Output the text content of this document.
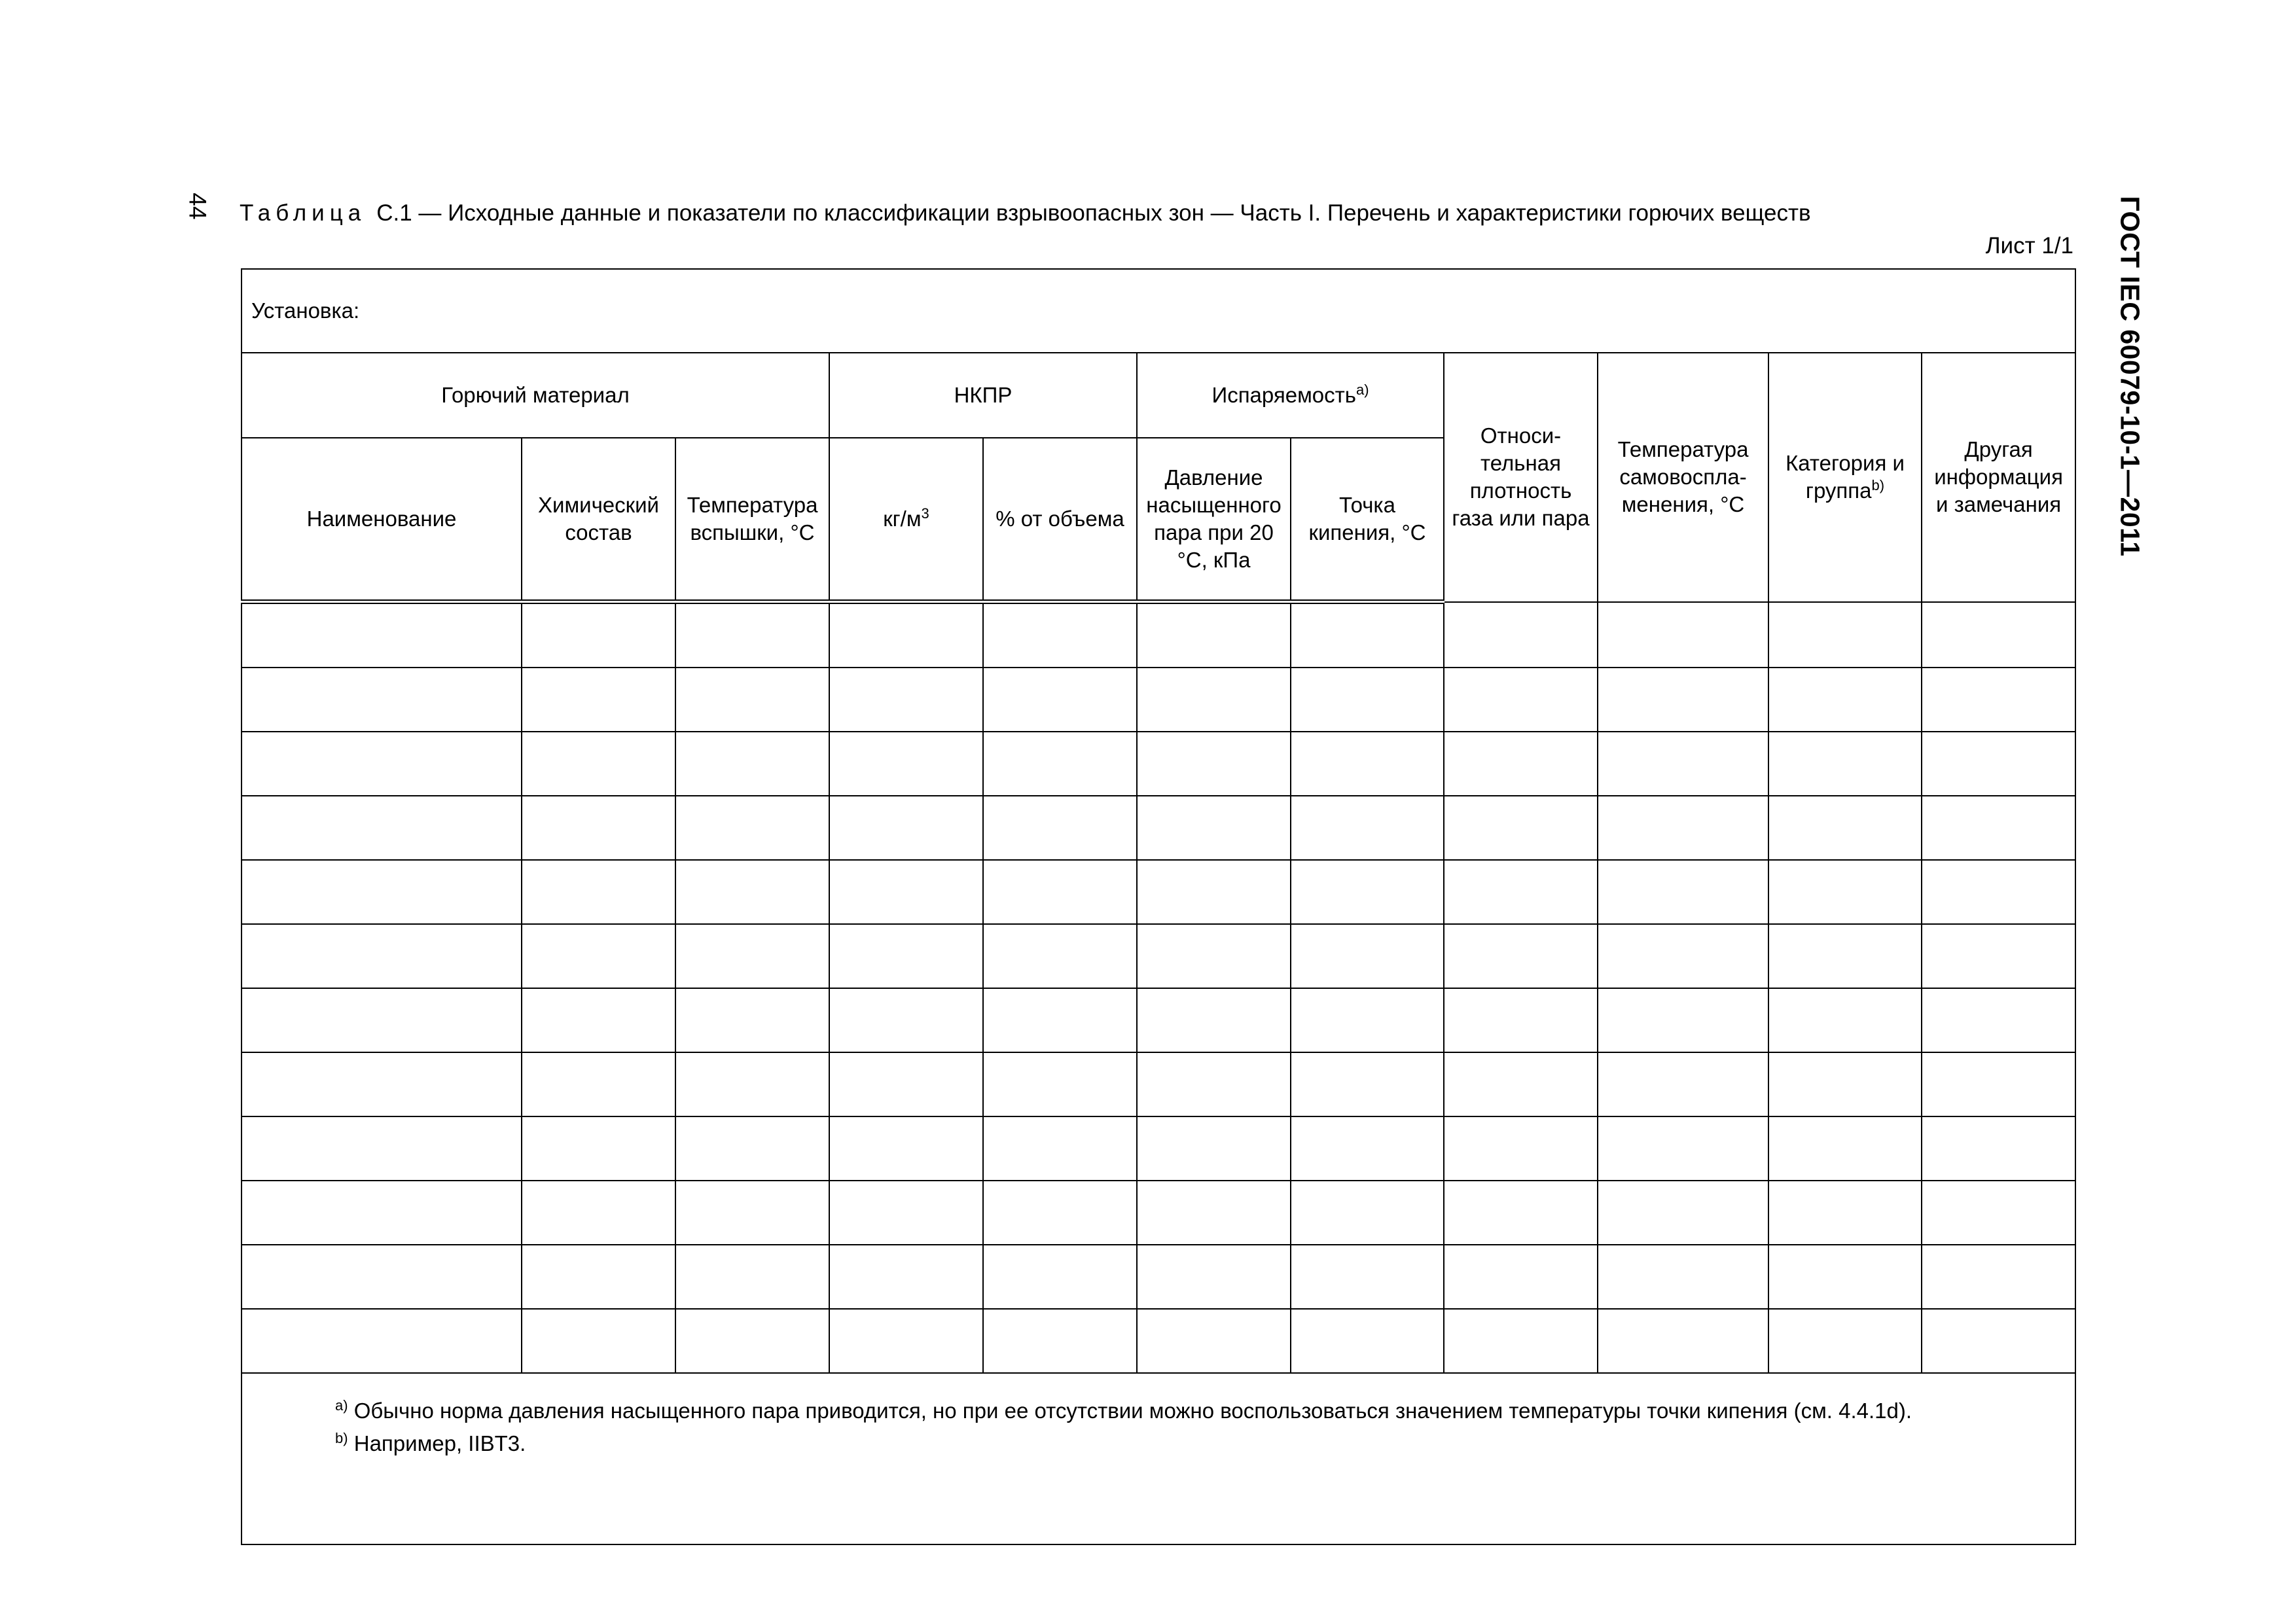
44	ГОСТ IEC 60079-10-1—2011
Таблица С.1 — Исходные данные и показатели по классификации взрывоопасных зон — Часть I. Перечень и характеристики горючих веществ
Лист 1/1
Установка:										
Горючий материал			НКПР		Испаряемость$^{a)}$		Относи-тельная плотность газа или пара	Температура самовоспла-менения, °C	Категория и группа$^{b)}$	Другая информация и замечания
Наименование	Химический состав	Температура вспышки, °C	$кг/м^3$	% от объема	Давление насыщенного пара при 20 °C, кПа	Точка кипения, °C				

$^{a)}$ Обычно норма давления насыщенного пара приводится, но при ее отсутствии можно воспользоваться значением температуры точки кипения (см. 4.4.1d).

$^{b)}$ Например, IIBT3.										
